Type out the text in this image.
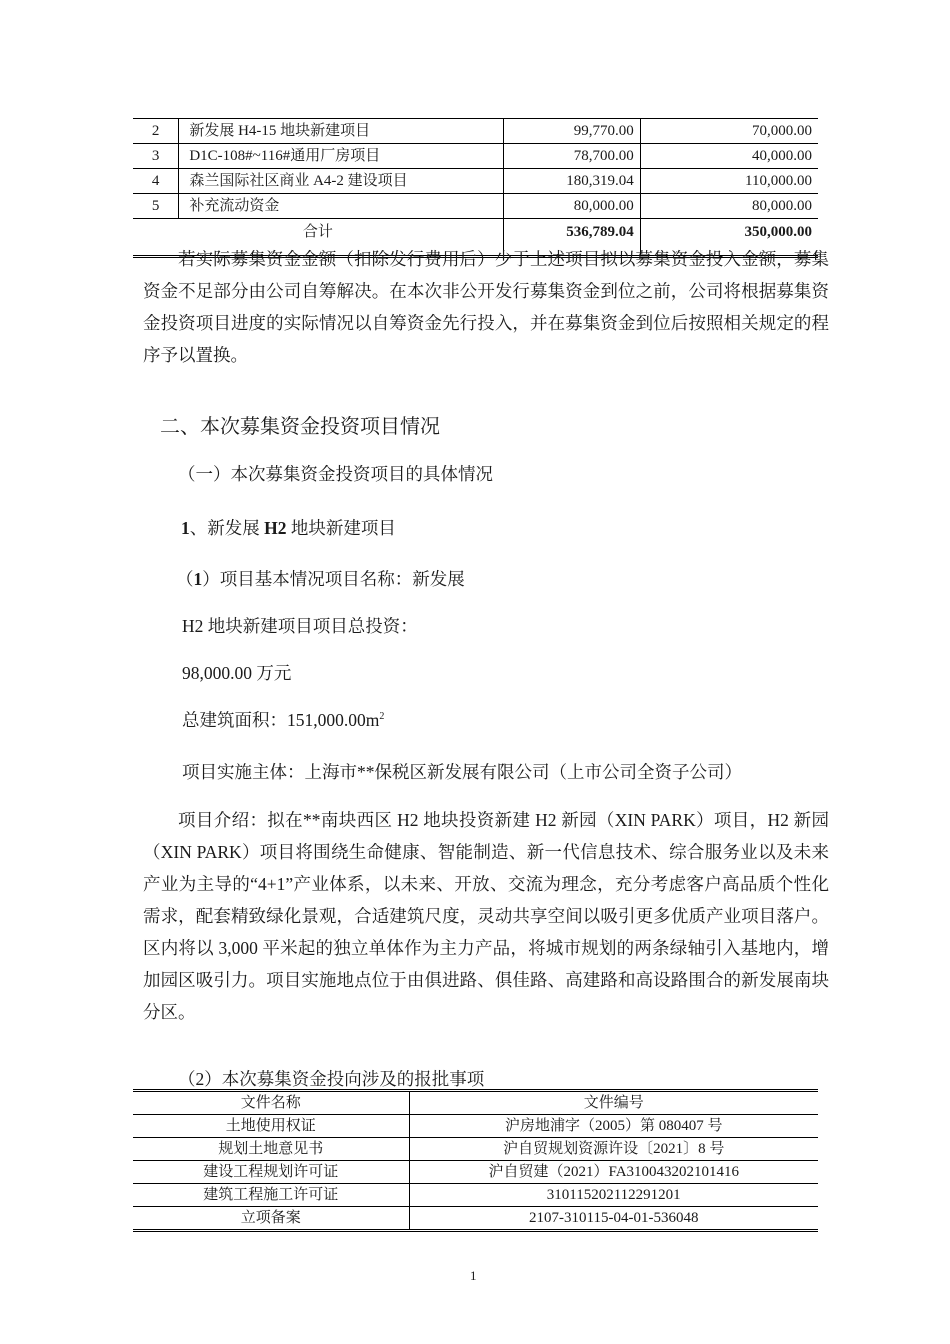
2	新发展 H4-15 地块新建项目	99,770.00	70,000.00
3	D1C-108#~116#通用厂房项目	78,700.00	40,000.00
4	森兰国际社区商业 A4-2 建设项目	180,319.04	110,000.00
5	补充流动资金	80,000.00	80,000.00
合计		536,789.04	350,000.00

若实际募集资金金额（扣除发行费用后）少于上述项目拟以募集资金投入金额，募集资金不足部分由公司自筹解决。在本次非公开发行募集资金到位之前，公司将根据募集资金投资项目进度的实际情况以自筹资金先行投入，并在募集资金到位后按照相关规定的程序予以置换。

二、本次募集资金投资项目情况
（一）本次募集资金投资项目的具体情况
1、新发展 H2 地块新建项目
（1）项目基本情况项目名称：新发展
H2 地块新建项目项目总投资：
98,000.00 万元
总建筑面积：$151,000.00m^2$
项目实施主体：上海市**保税区新发展有限公司（上市公司全资子公司）

项目介绍：拟在**南块西区 H2 地块投资新建 H2 新园（XIN PARK）项目，H2 新园（XIN PARK）项目将围绕生命健康、智能制造、新一代信息技术、综合服务业以及未来产业为主导的“4+1”产业体系，以未来、开放、交流为理念，充分考虑客户高品质个性化需求，配套精致绿化景观，合适建筑尺度，灵动共享空间以吸引更多优质产业项目落户。区内将以 3,000 平米起的独立单体作为主力产品，将城市规划的两条绿轴引入基地内，增加园区吸引力。项目实施地点位于由俱进路、俱佳路、高建路和高设路围合的新发展南块分区。

（2）本次募集资金投向涉及的报批事项
文件名称	文件编号
土地使用权证	沪房地浦字（2005）第 080407 号
规划土地意见书	沪自贸规划资源许设〔2021〕8 号
建设工程规划许可证	沪自贸建（2021）FA310043202101416
建筑工程施工许可证	310115202112291201
立项备案	2107-310115-04-01-536048
1
